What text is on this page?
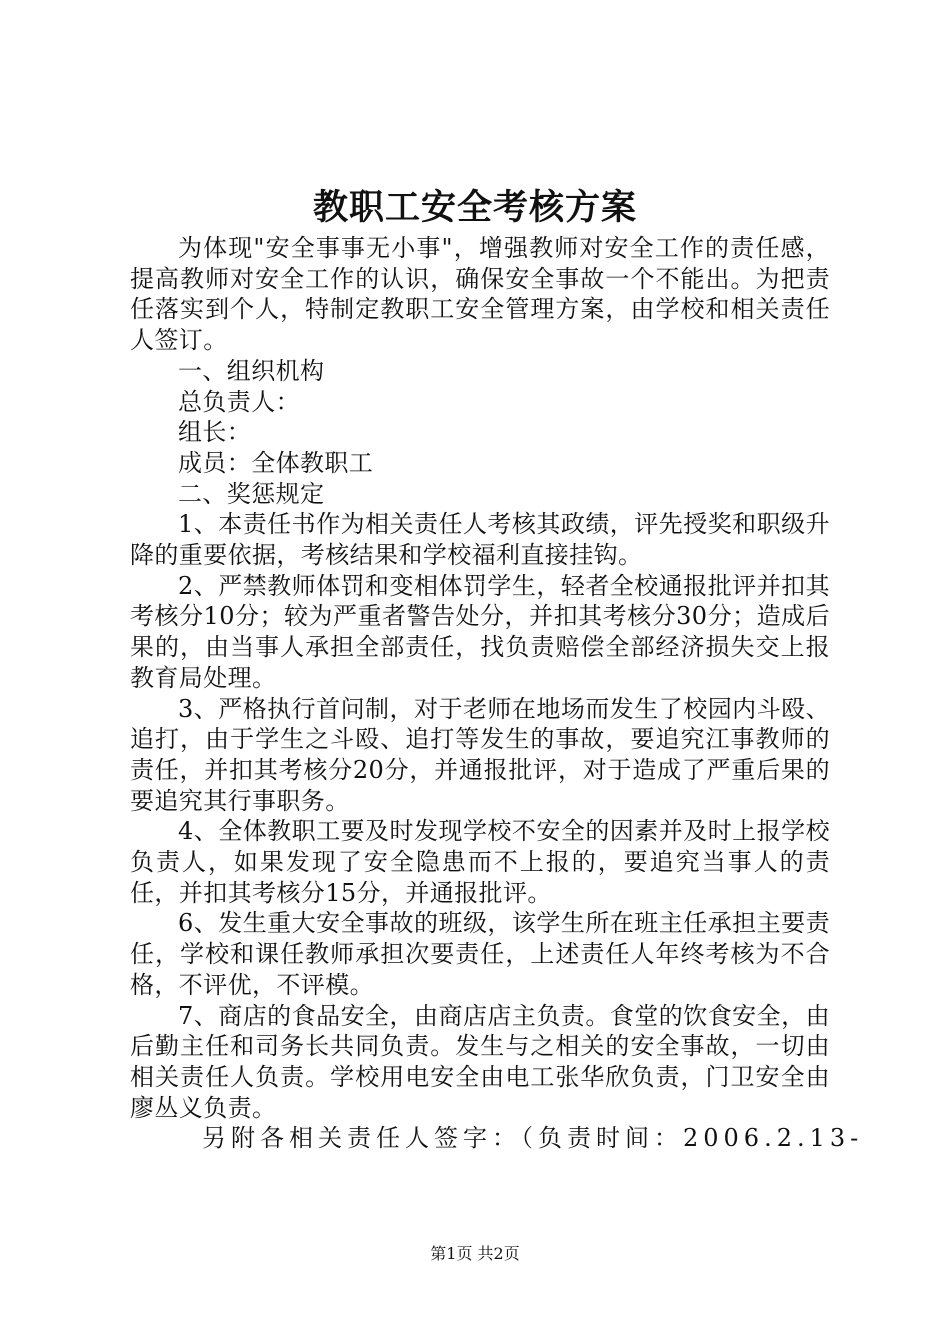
教职工安全考核方案

为体现"安全事事无小事"，增强教师对安全工作的责任感，提高教师对安全工作的认识，确保安全事故一个不能出。为把责任落实到个人，特制定教职工安全管理方案，由学校和相关责任人签订。

一、组织机构

总负责人：

组长：

成员：全体教职工

二、奖惩规定

1、本责任书作为相关责任人考核其政绩，评先授奖和职级升降的重要依据，考核结果和学校福利直接挂钩。

2、严禁教师体罚和变相体罚学生，轻者全校通报批评并扣其考核分10分；较为严重者警告处分，并扣其考核分30分；造成后果的，由当事人承担全部责任，找负责赔偿全部经济损失交上报教育局处理。

3、严格执行首问制，对于老师在地场而发生了校园内斗殴、追打，由于学生之斗殴、追打等发生的事故，要追究江事教师的责任，并扣其考核分20分，并通报批评，对于造成了严重后果的要追究其行事职务。

4、全体教职工要及时发现学校不安全的因素并及时上报学校负责人，如果发现了安全隐患而不上报的，要追究当事人的责任，并扣其考核分15分，并通报批评。

6、发生重大安全事故的班级，该学生所在班主任承担主要责任，学校和课任教师承担次要责任，上述责任人年终考核为不合格，不评优，不评模。

7、商店的食品安全，由商店店主负责。食堂的饮食安全，由后勤主任和司务长共同负责。发生与之相关的安全事故，一切由相关责任人负责。学校用电安全由电工张华欣负责，门卫安全由廖丛义负责。

另附各相关责任人签字：（负责时间：2006.2.13-

第1页 共2页
